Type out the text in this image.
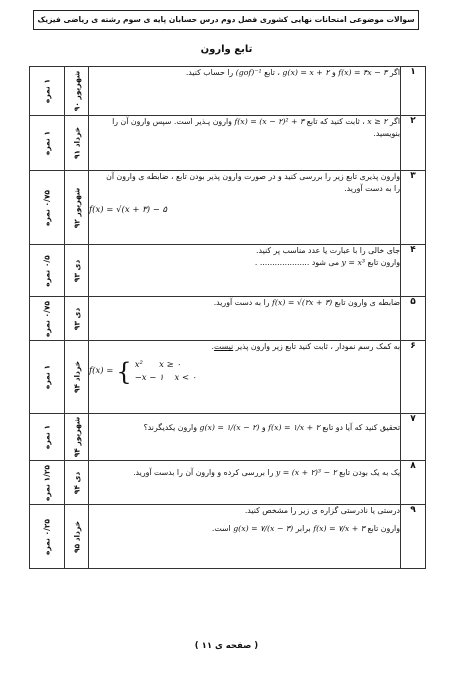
سوالات موضوعی امتحانات نهایی کشوری فصل دوم درس حسابان پایه ی سوم رشته ی ریاضی فیزیک
تابع وارون
۱	اگر f(x) = ۴x − ۳ و g(x) = x + ۲ ، تابع (gof)⁻¹ را حساب کنید.	شهریور ۹۰	۱ نمره

۲	اگر x ≥ ۲ ، ثابت کنید که تابع f(x) = (x − ۲)² + ۳ وارون پـذیر است. سپس وارون آن را
بنویسید.	خرداد ۹۱	۱ نمره

۳	وارون پذیری تابع زیر را بررسی کنید و در صورت وارون پذیر بودن تابع ، ضابطه ی وارون آن
را به دست آورید.
f(x) = √(x + ۳) − ۵	شهریور ۹۲	۰/۷۵ نمره

۴	جای خالی را با عبارت یا عدد مناسب پر کنید.
وارون تابع y = x³ می شود .................... .	دی ۹۳	۰/۵ نمره

۵	ضابطه ی وارون تابع f(x) = √(۲x + ۳) را به دست آورید.	دی ۹۳	۰/۷۵ نمره

۶	به کمک رسم نمودار ، ثابت کنید تابع زیر وارون پذیر نیست.
f(x) = { x²      x ≥ ۰
−x − ۱    x < ۰	خرداد ۹۴	۱ نمره

۷	تحقیق کنید که آیا دو تابع f(x) = ۱/x + ۲ و g(x) = ۱/(x − ۲) وارون یکدیگرند؟	شهریور ۹۴	۱ نمره

۸	یک به یک بودن تابع y = (x + ۲)³ − ۲ را بررسی کرده و وارون آن را بدست آورید.	دی ۹۴	۱/۲۵ نمره

۹	درستی یا نادرستی گزاره ی زیر را مشخص کنید.
وارون تابع f(x) = ۷/x + ۳ برابر g(x) = ۷/(x − ۳) است.	خرداد ۹۵	۰/۲۵ نمره
( صفحه ی ۱۱ )
